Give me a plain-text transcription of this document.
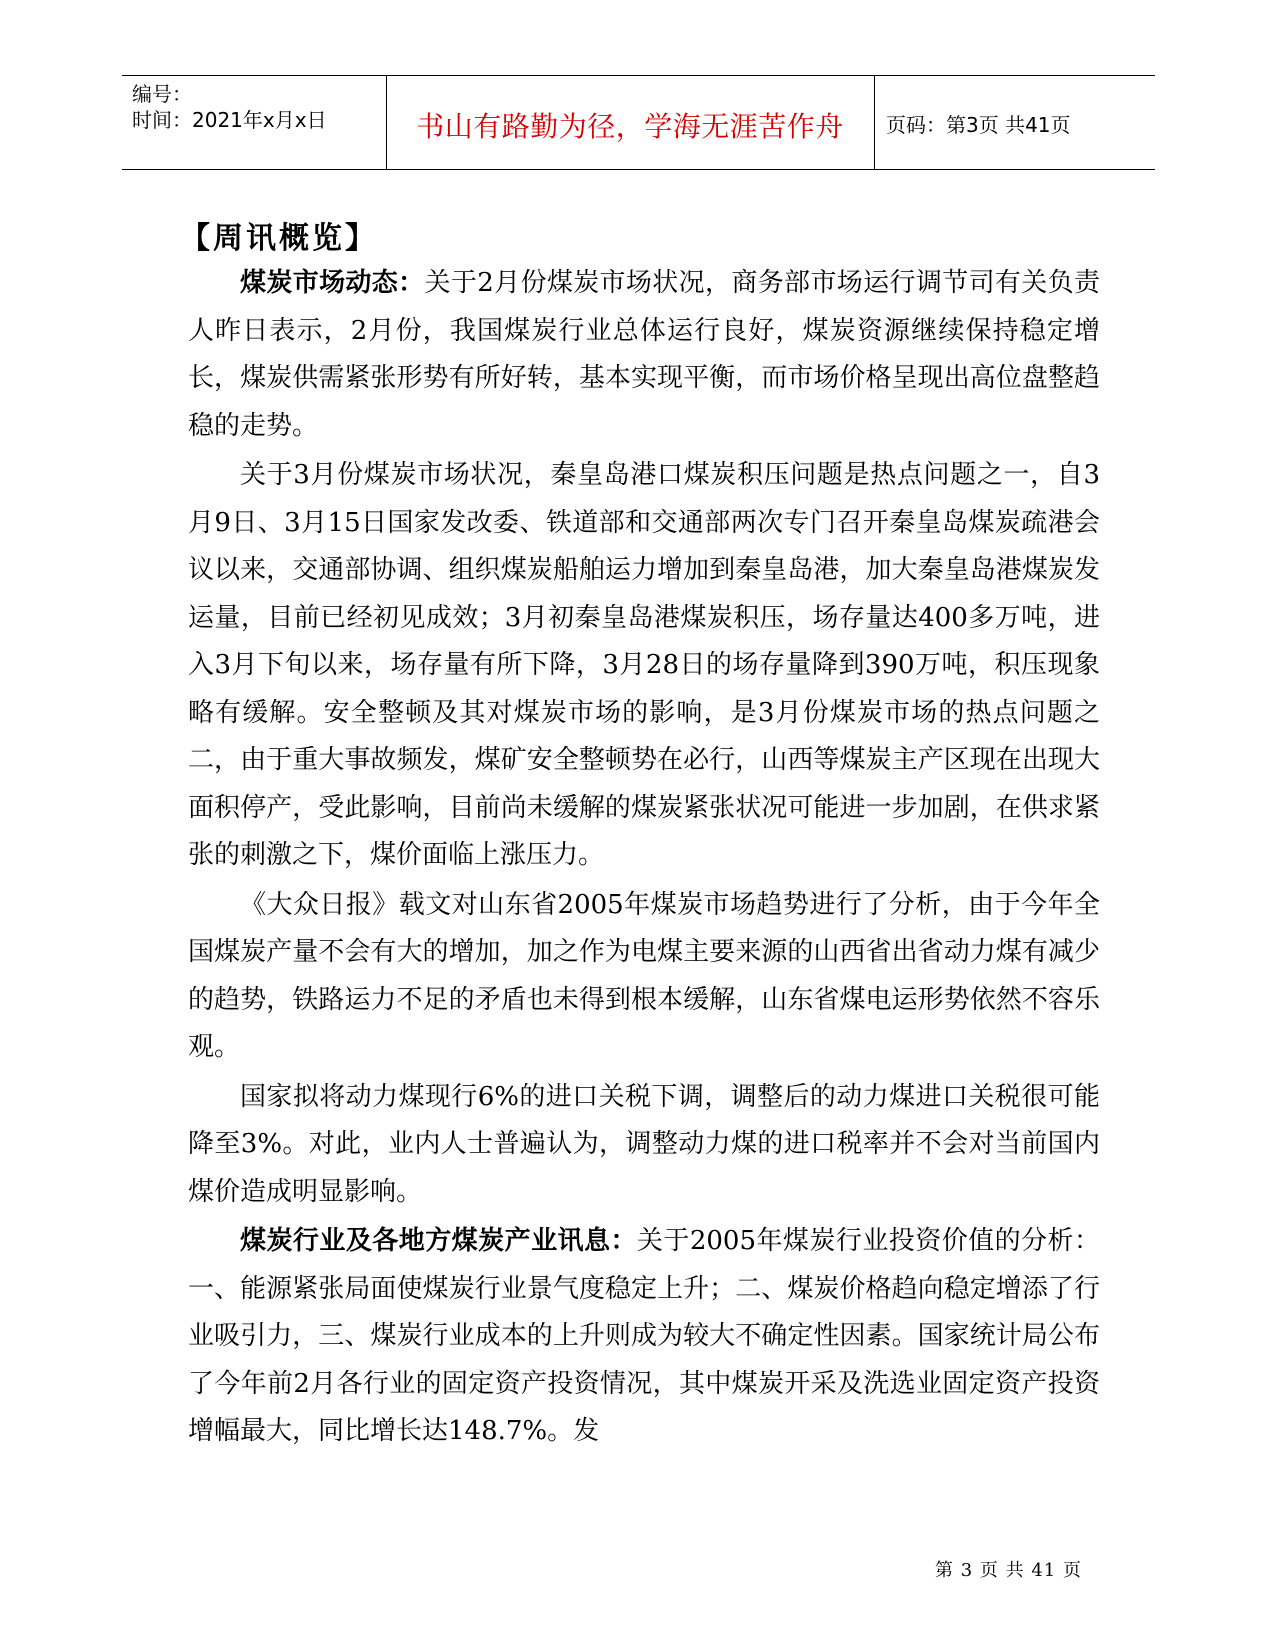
编号：
时间：2021年x月x日	书山有路勤为径，学海无涯苦作舟	页码：第3页 共41页
【周讯概览】

煤炭市场动态：关于2月份煤炭市场状况，商务部市场运行调节司有关负责人昨日表示，2月份，我国煤炭行业总体运行良好，煤炭资源继续保持稳定增长，煤炭供需紧张形势有所好转，基本实现平衡，而市场价格呈现出高位盘整趋稳的走势。

关于3月份煤炭市场状况，秦皇岛港口煤炭积压问题是热点问题之一，自3月9日、3月15日国家发改委、铁道部和交通部两次专门召开秦皇岛煤炭疏港会议以来，交通部协调、组织煤炭船舶运力增加到秦皇岛港，加大秦皇岛港煤炭发运量，目前已经初见成效；3月初秦皇岛港煤炭积压，场存量达400多万吨，进入3月下旬以来，场存量有所下降，3月28日的场存量降到390万吨，积压现象略有缓解。安全整顿及其对煤炭市场的影响，是3月份煤炭市场的热点问题之二，由于重大事故频发，煤矿安全整顿势在必行，山西等煤炭主产区现在出现大面积停产，受此影响，目前尚未缓解的煤炭紧张状况可能进一步加剧，在供求紧张的刺激之下，煤价面临上涨压力。

《大众日报》载文对山东省2005年煤炭市场趋势进行了分析，由于今年全国煤炭产量不会有大的增加，加之作为电煤主要来源的山西省出省动力煤有减少的趋势，铁路运力不足的矛盾也未得到根本缓解，山东省煤电运形势依然不容乐观。

国家拟将动力煤现行6%的进口关税下调，调整后的动力煤进口关税很可能降至3%。对此，业内人士普遍认为，调整动力煤的进口税率并不会对当前国内煤价造成明显影响。

煤炭行业及各地方煤炭产业讯息：关于2005年煤炭行业投资价值的分析：一、能源紧张局面使煤炭行业景气度稳定上升；二、煤炭价格趋向稳定增添了行业吸引力，三、煤炭行业成本的上升则成为较大不确定性因素。国家统计局公布了今年前2月各行业的固定资产投资情况，其中煤炭开采及洗选业固定资产投资增幅最大，同比增长达148.7%。发

第 3 页 共 41 页
